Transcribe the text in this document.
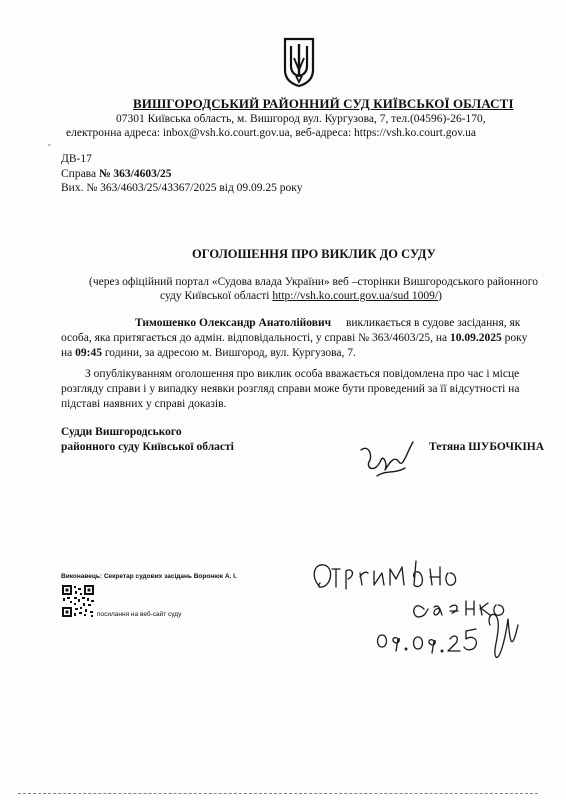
ВИШГОРОДСЬКИЙ РАЙОННИЙ СУД КИЇВСЬКОЇ ОБЛАСТІ
07301 Київська область, м. Вишгород вул. Кургузова, 7, тел.(04596)-26-170,
електронна адреса: inbox@vsh.ko.court.gov.ua, веб-адреса: https://vsh.ko.court.gov.ua
ˇ
ДВ-17
Справа № 363/4603/25
Вих. № 363/4603/25/43367/2025 від 09.09.25 року
ОГОЛОШЕННЯ ПРО ВИКЛИК ДО СУДУ
(через офіційний портал «Судова влада України» веб –сторінки Вишгородського районного
суду Київської області http://vsh.ko.court.gov.ua/sud 1009/)
Тимошенко Олександр Анатолійович викликається в судове засідання, як
особа, яка притягається до адмін. відповідальності, у справі № 363/4603/25, на 10.09.2025 року
на 09:45 години, за адресою м. Вишгород, вул. Кургузова, 7.
З опублікуванням оголошення про виклик особа вважається повідомлена про час і місце
розгляду справи і у випадку неявки розгляд справи може бути проведений за її відсутності на
підставі наявних у справі доказів.
Судди Вишгородського
районного суду Київської області	Тетяна ШУБОЧКІНА
Виконавець: Секретар судових засідань Воронюк А. І.
посилання на веб-сайт суду
